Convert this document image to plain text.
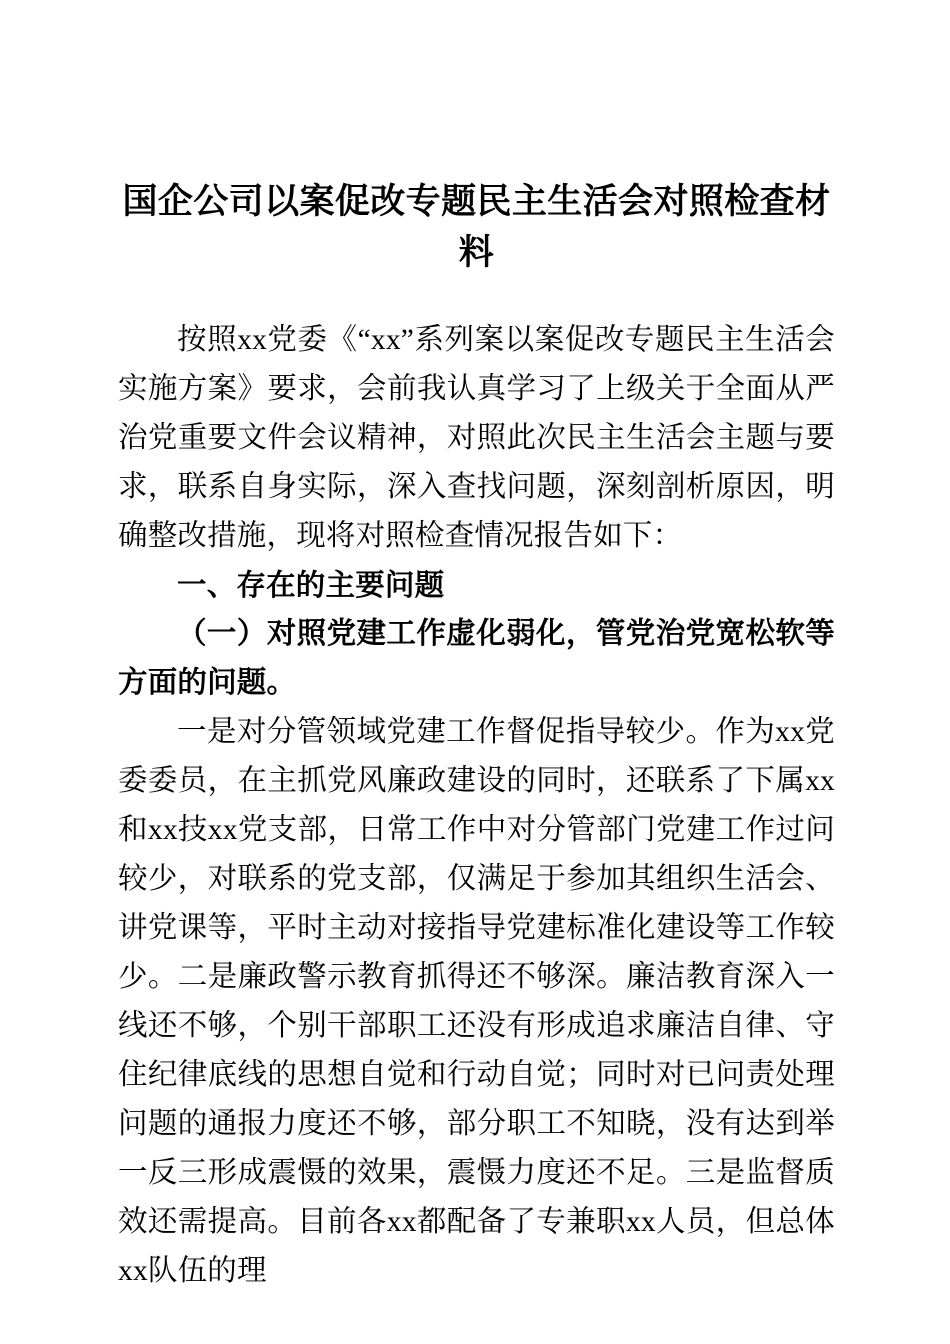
国企公司以案促改专题民主生活会对照检查材料

按照xx党委《“xx”系列案以案促改专题民主生活会实施方案》要求，会前我认真学习了上级关于全面从严治党重要文件会议精神，对照此次民主生活会主题与要求，联系自身实际，深入查找问题，深刻剖析原因，明确整改措施，现将对照检查情况报告如下：

一、存在的主要问题
（一）对照党建工作虚化弱化，管党治党宽松软等方面的问题。

一是对分管领域党建工作督促指导较少。作为xx党委委员，在主抓党风廉政建设的同时，还联系了下属xx和xx技xx党支部，日常工作中对分管部门党建工作过问较少，对联系的党支部，仅满足于参加其组织生活会、讲党课等，平时主动对接指导党建标准化建设等工作较少。二是廉政警示教育抓得还不够深。廉洁教育深入一线还不够，个别干部职工还没有形成追求廉洁自律、守住纪律底线的思想自觉和行动自觉；同时对已问责处理问题的通报力度还不够，部分职工不知晓，没有达到举一反三形成震慑的效果，震慑力度还不足。三是监督质效还需提高。目前各xx都配备了专兼职xx人员，但总体xx队伍的理
